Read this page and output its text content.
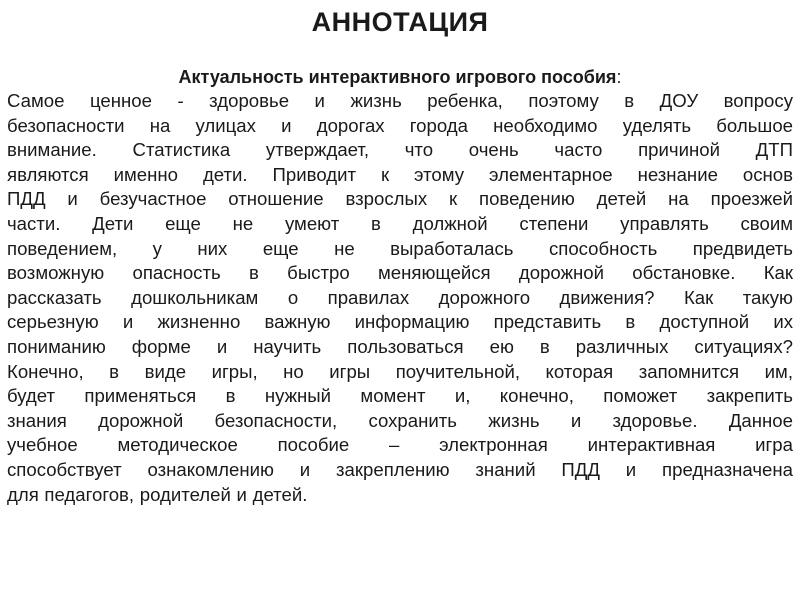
АННОТАЦИЯ
Актуальность интерактивного игрового пособия:
Самое ценное - здоровье и жизнь ребенка, поэтому в ДОУ вопросу
безопасности на улицах и дорогах города необходимо уделять большое
внимание. Статистика утверждает, что очень часто причиной ДТП
являются именно дети. Приводит к этому элементарное незнание основ
ПДД и безучастное отношение взрослых к поведению детей на проезжей
части. Дети еще не умеют в должной степени управлять своим
поведением, у них еще не выработалась способность предвидеть
возможную опасность в быстро меняющейся дорожной обстановке. Как
рассказать дошкольникам о правилах дорожного движения? Как такую
серьезную и жизненно важную информацию представить в доступной их
пониманию форме и научить пользоваться ею в различных ситуациях?
Конечно, в виде игры, но игры поучительной, которая запомнится им,
будет применяться в нужный момент и, конечно, поможет закрепить
знания дорожной безопасности, сохранить жизнь и здоровье. Данное
учебное методическое пособие – электронная интерактивная игра
способствует ознакомлению и закреплению знаний ПДД и предназначена
для педагогов, родителей и детей.
